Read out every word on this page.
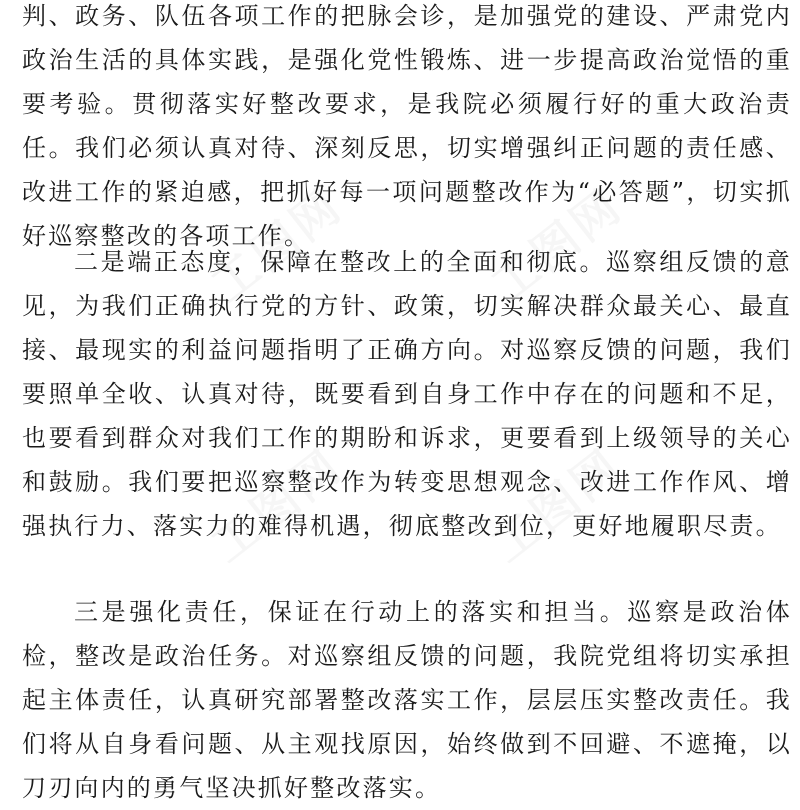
判、政务、队伍各项工作的把脉会诊，是加强党的建设、严肃党内政治生活的具体实践，是强化党性锻炼、进一步提高政治觉悟的重要考验。贯彻落实好整改要求，是我院必须履行好的重大政治责任。我们必须认真对待、深刻反思，切实增强纠正问题的责任感、改进工作的紧迫感，把抓好每一项问题整改作为“必答题”，切实抓好巡察整改的各项工作。

二是端正态度，保障在整改上的全面和彻底。巡察组反馈的意见，为我们正确执行党的方针、政策，切实解决群众最关心、最直接、最现实的利益问题指明了正确方向。对巡察反馈的问题，我们要照单全收、认真对待，既要看到自身工作中存在的问题和不足，也要看到群众对我们工作的期盼和诉求，更要看到上级领导的关心和鼓励。我们要把巡察整改作为转变思想观念、改进工作作风、增强执行力、落实力的难得机遇，彻底整改到位，更好地履职尽责。

三是强化责任，保证在行动上的落实和担当。巡察是政治体检，整改是政治任务。对巡察组反馈的问题，我院党组将切实承担起主体责任，认真研究部署整改落实工作，层层压实整改责任。我们将从自身看问题、从主观找原因，始终做到不回避、不遮掩，以刀刃向内的勇气坚决抓好整改落实。
